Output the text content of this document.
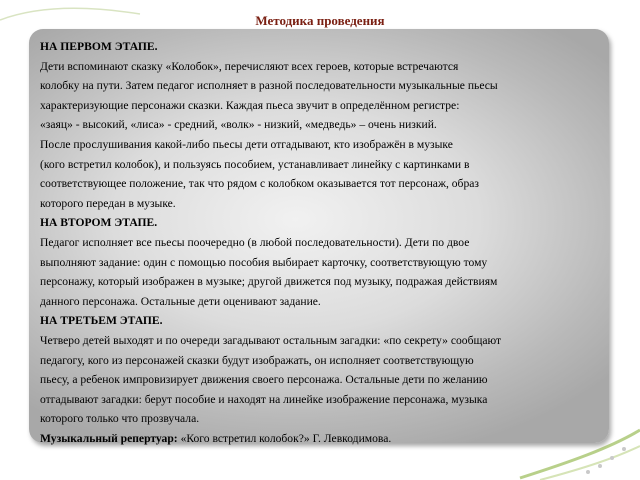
Методика проведения
НА ПЕРВОМ ЭТАПЕ.
Дети вспоминают сказку «Колобок», перечисляют всех героев, которые встречаются
колобку на пути. Затем педагог исполняет в разной последовательности музыкальные пьесы
характеризующие персонажи сказки. Каждая пьеса звучит в определённом регистре:
«заяц» - высокий, «лиса» - средний, «волк» - низкий, «медведь» – очень низкий.
После прослушивания какой-либо пьесы дети отгадывают, кто изображён в музыке
(кого встретил колобок), и пользуясь пособием, устанавливает линейку с картинками в
соответствующее положение, так что рядом с колобком оказывается тот персонаж, образ
которого передан в музыке.
НА ВТОРОМ ЭТАПЕ.
Педагог исполняет все пьесы поочередно (в любой последовательности). Дети по двое
выполняют задание: один с помощью пособия выбирает карточку, соответствующую тому
персонажу, который изображен в музыке; другой движется под музыку, подражая действиям
данного персонажа. Остальные дети оценивают задание.
НА ТРЕТЬЕМ ЭТАПЕ.
Четверо детей выходят и по очереди загадывают остальным загадки: «по секрету» сообщают
педагогу, кого из персонажей сказки будут изображать, он исполняет соответствующую
пьесу, а ребенок импровизирует движения своего персонажа. Остальные дети по желанию
отгадывают загадки: берут пособие и находят на линейке изображение персонажа, музыка
которого только что прозвучала.
Музыкальный репертуар: «Кого встретил колобок?» Г. Левкодимова.
